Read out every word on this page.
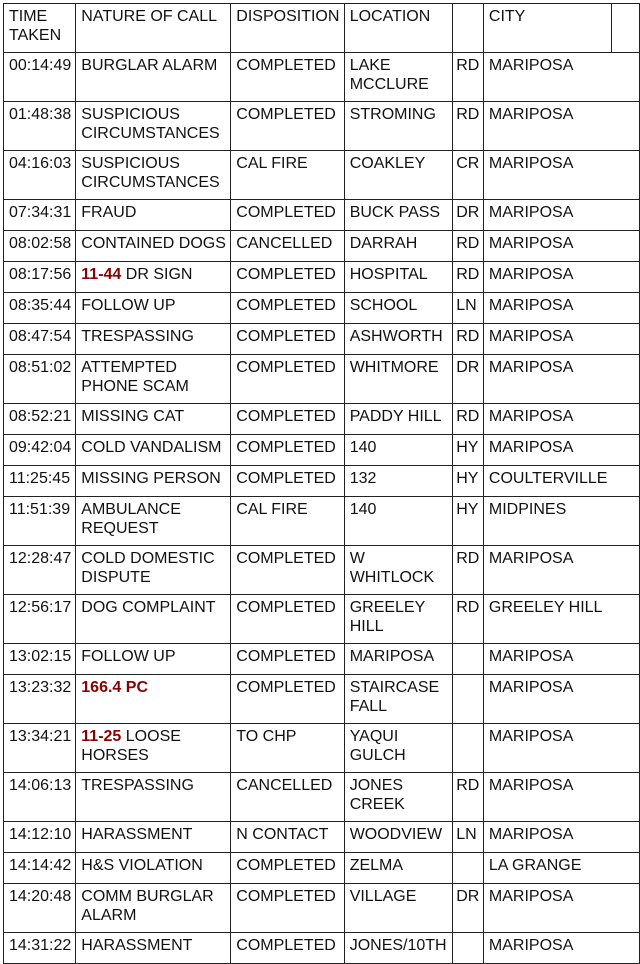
TIME TAKEN	NATURE OF CALL	DISPOSITION	LOCATION		CITY	
00:14:49	BURGLAR ALARM	COMPLETED	LAKE MCCLURE	RD	MARIPOSA	
01:48:38	SUSPICIOUS CIRCUMSTANCES	COMPLETED	STROMING	RD	MARIPOSA	
04:16:03	SUSPICIOUS CIRCUMSTANCES	CAL FIRE	COAKLEY	CR	MARIPOSA	
07:34:31	FRAUD	COMPLETED	BUCK PASS	DR	MARIPOSA	
08:02:58	CONTAINED DOGS	CANCELLED	DARRAH	RD	MARIPOSA	
08:17:56	11-44 DR SIGN	COMPLETED	HOSPITAL	RD	MARIPOSA	
08:35:44	FOLLOW UP	COMPLETED	SCHOOL	LN	MARIPOSA	
08:47:54	TRESPASSING	COMPLETED	ASHWORTH	RD	MARIPOSA	
08:51:02	ATTEMPTED PHONE SCAM	COMPLETED	WHITMORE	DR	MARIPOSA	
08:52:21	MISSING CAT	COMPLETED	PADDY HILL	RD	MARIPOSA	
09:42:04	COLD VANDALISM	COMPLETED	140	HY	MARIPOSA	
11:25:45	MISSING PERSON	COMPLETED	132	HY	COULTERVILLE	
11:51:39	AMBULANCE REQUEST	CAL FIRE	140	HY	MIDPINES	
12:28:47	COLD DOMESTIC DISPUTE	COMPLETED	W WHITLOCK	RD	MARIPOSA	
12:56:17	DOG COMPLAINT	COMPLETED	GREELEY HILL	RD	GREELEY HILL	
13:02:15	FOLLOW UP	COMPLETED	MARIPOSA		MARIPOSA	
13:23:32	166.4 PC	COMPLETED	STAIRCASE FALL		MARIPOSA	
13:34:21	11-25 LOOSE HORSES	TO CHP	YAQUI GULCH		MARIPOSA	
14:06:13	TRESPASSING	CANCELLED	JONES CREEK	RD	MARIPOSA	
14:12:10	HARASSMENT	N CONTACT	WOODVIEW	LN	MARIPOSA	
14:14:42	H&S VIOLATION	COMPLETED	ZELMA		LA GRANGE	
14:20:48	COMM BURGLAR ALARM	COMPLETED	VILLAGE	DR	MARIPOSA	
14:31:22	HARASSMENT	COMPLETED	JONES/10TH		MARIPOSA	
